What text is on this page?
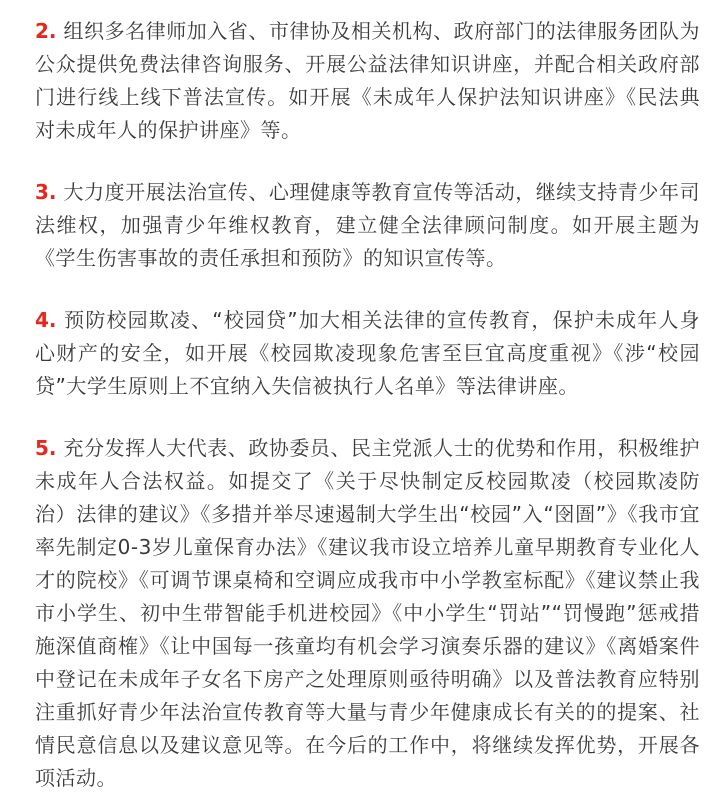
2. 组织多名律师加入省、市律协及相关机构、政府部门的法律服务团队为公众提供免费法律咨询服务、开展公益法律知识讲座，并配合相关政府部门进行线上线下普法宣传。如开展《未成年人保护法知识讲座》《民法典对未成年人的保护讲座》等。

3. 大力度开展法治宣传、心理健康等教育宣传等活动，继续支持青少年司法维权，加强青少年维权教育，建立健全法律顾问制度。如开展主题为《学生伤害事故的责任承担和预防》的知识宣传等。

4. 预防校园欺凌、“校园贷”加大相关法律的宣传教育，保护未成年人身心财产的安全，如开展《校园欺凌现象危害至巨宜高度重视》《涉“校园贷”大学生原则上不宜纳入失信被执行人名单》等法律讲座。

5. 充分发挥人大代表、政协委员、民主党派人士的优势和作用，积极维护未成年人合法权益。如提交了《关于尽快制定反校园欺凌（校园欺凌防治）法律的建议》《多措并举尽速遏制大学生出“校园”入“囹圄”》《我市宜率先制定0-3岁儿童保育办法》《建议我市设立培养儿童早期教育专业化人才的院校》《可调节课桌椅和空调应成我市中小学教室标配》《建议禁止我市小学生、初中生带智能手机进校园》《中小学生“罚站”“罚慢跑”惩戒措施深值商榷》《让中国每一孩童均有机会学习演奏乐器的建议》《离婚案件中登记在未成年子女名下房产之处理原则亟待明确》以及普法教育应特别注重抓好青少年法治宣传教育等大量与青少年健康成长有关的的提案、社情民意信息以及建议意见等。在今后的工作中，将继续发挥优势，开展各项活动。
